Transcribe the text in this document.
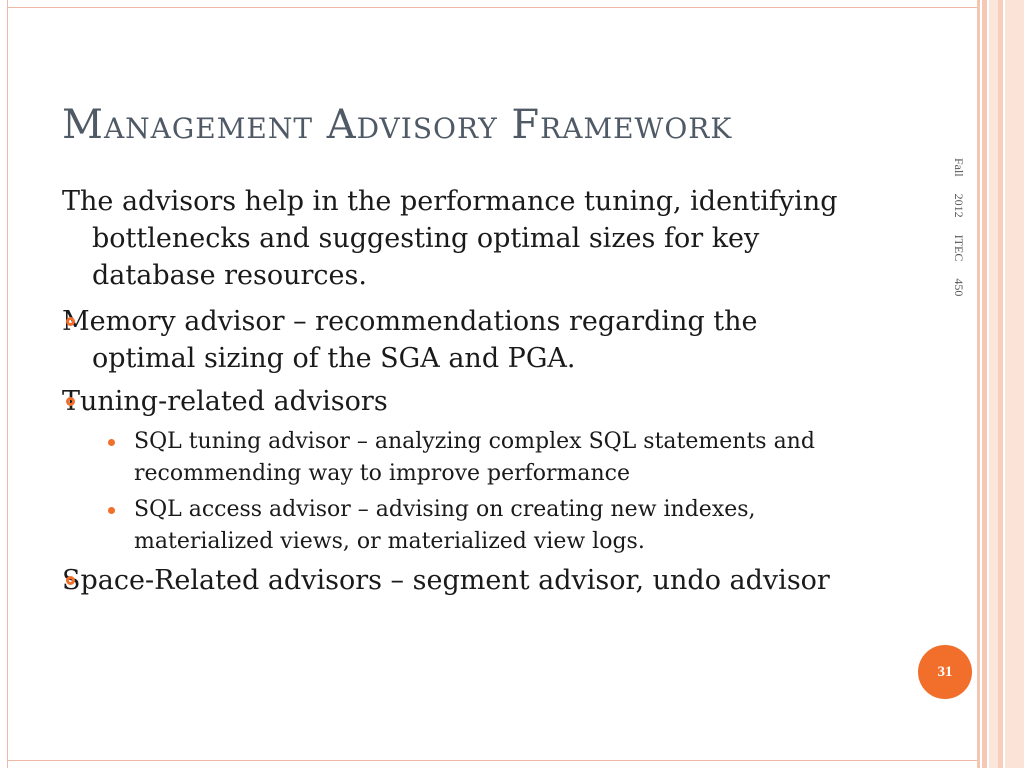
Management Advisory Framework
Fall 2012 ITEC 450

The advisors help in the performance tuning, identifying bottlenecks and suggesting optimal sizes for key database resources.

Memory advisor – recommendations regarding the optimal sizing of the SGA and PGA.
Tuning-related advisors
SQL tuning advisor – analyzing complex SQL statements and recommending way to improve performance
SQL access advisor – advising on creating new indexes, materialized views, or materialized view logs.
Space-Related advisors – segment advisor, undo advisor
31
